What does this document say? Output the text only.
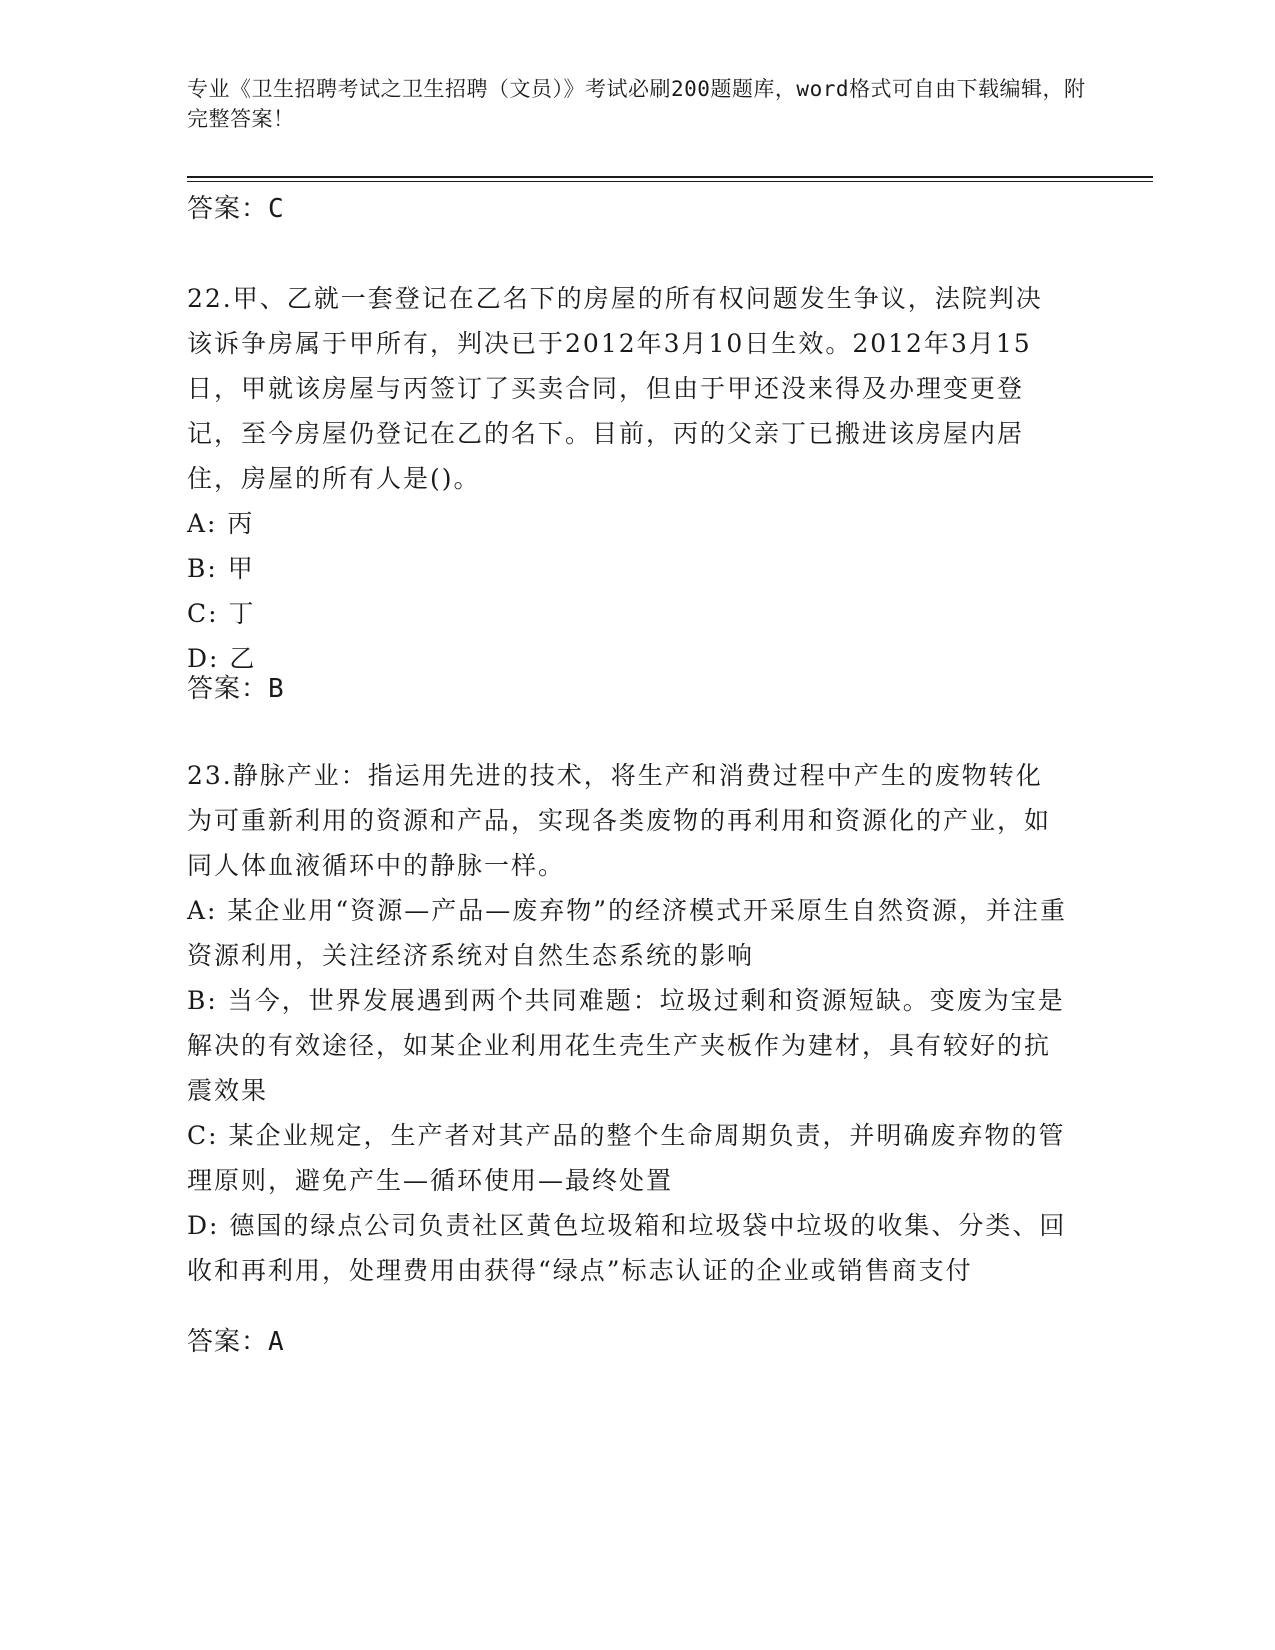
专业《卫生招聘考试之卫生招聘（文员）》考试必刷200题题库，word格式可自由下载编辑，附完整答案！
答案：C
22.甲、乙就一套登记在乙名下的房屋的所有权问题发生争议，法院判决该诉争房属于甲所有，判决已于2012年3月10日生效。2012年3月15日，甲就该房屋与丙签订了买卖合同，但由于甲还没来得及办理变更登记，至今房屋仍登记在乙的名下。目前，丙的父亲丁已搬进该房屋内居住，房屋的所有人是()。
A: 丙
B: 甲
C: 丁
D: 乙
答案：B
23.静脉产业：指运用先进的技术，将生产和消费过程中产生的废物转化为可重新利用的资源和产品，实现各类废物的再利用和资源化的产业，如同人体血液循环中的静脉一样。
A: 某企业用“资源—产品—废弃物”的经济模式开采原生自然资源，并注重资源利用，关注经济系统对自然生态系统的影响
B: 当今，世界发展遇到两个共同难题：垃圾过剩和资源短缺。变废为宝是解决的有效途径，如某企业利用花生壳生产夹板作为建材，具有较好的抗震效果
C: 某企业规定，生产者对其产品的整个生命周期负责，并明确废弃物的管理原则，避免产生—循环使用—最终处置
D: 德国的绿点公司负责社区黄色垃圾箱和垃圾袋中垃圾的收集、分类、回收和再利用，处理费用由获得“绿点”标志认证的企业或销售商支付
答案：A
